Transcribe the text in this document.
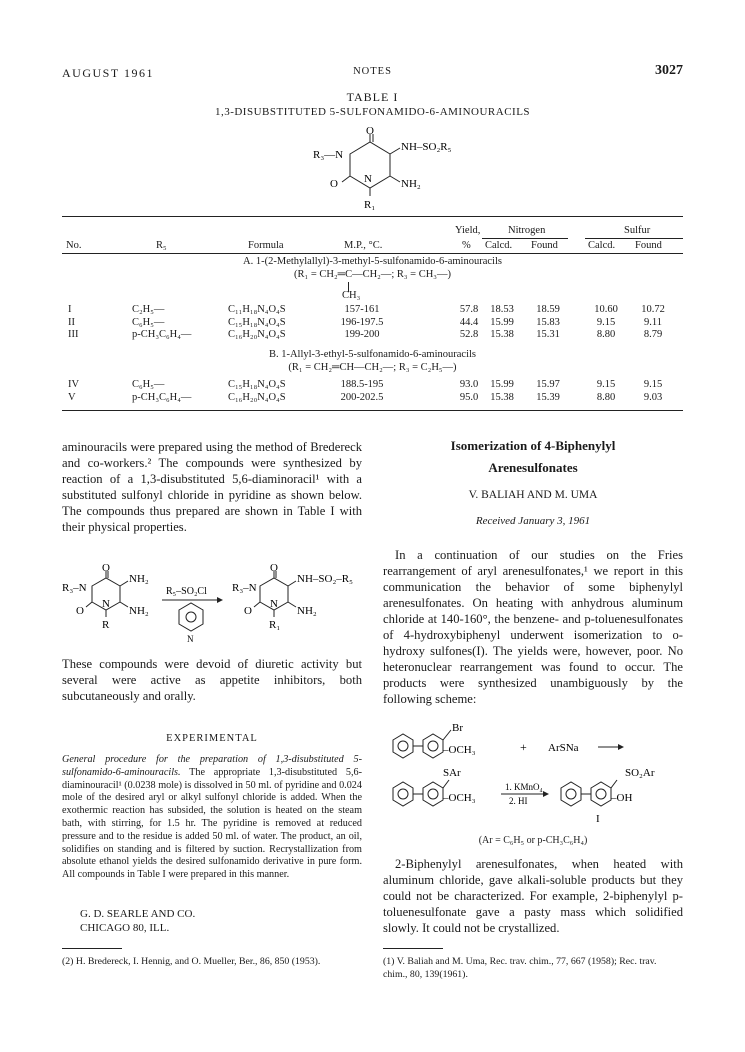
AUGUST 1961	NOTES	3027
TABLE I
1,3-DISUBSTITUTED 5-SULFONAMIDO-6-AMINOURACILS
O
R₃—N
NH–SO₂R₅
O N	NH₂
R₁
Yield,	Nitrogen	Sulfur
No.	R₅	Formula	M.P., °C.	% Calcd. Found	Calcd. Found
A. 1-(2-Methylallyl)-3-methyl-5-sulfonamido-6-aminouracils
(R₁ = CH₂═C—CH₂—; R₃ = CH₃—)
CH₃
I	C₂H₅—	C₁₁H₁₈N₄O₄S	157-161	57.8	18.53	18.59	10.60	10.72
II	C₆H₅—	C₁₅H₁₈N₄O₄S	196-197.5	44.4	15.99	15.83	9.15	9.11
III	p-CH₃C₆H₄—	C₁₆H₂₀N₄O₄S	199-200	52.8	15.38	15.31	8.80	8.79
B. 1-Allyl-3-ethyl-5-sulfonamido-6-aminouracils
(R₁ = CH₂═CH—CH₂—; R₃ = C₂H₅—)
IV	C₆H₅—	C₁₅H₁₈N₄O₄S	188.5-195	93.0	15.99	15.97	9.15	9.15
V	p-CH₃C₆H₄—	C₁₆H₂₀N₄O₄S	200-202.5	95.0	15.38	15.39	8.80	9.03
aminouracils were prepared using the method of Bredereck and co-workers.² The compounds were synthesized by reaction of a 1,3-disubstituted 5,6-diaminoracil¹ with a substituted sulfonyl chloride in pyridine as shown below. The compounds thus prepared are shown in Table I with their physical properties.
O
R₃–N
NH₂
O
N
NH₂
R
R₅–SO₂Cl
N
O
R₃–N
NH–SO₂–R₅
O
N
NH₂
R₁
These compounds were devoid of diuretic activity but several were active as appetite inhibitors, both subcutaneously and orally.
EXPERIMENTAL
General procedure for the preparation of 1,3-disubstituted 5-sulfonamido-6-aminouracils. The appropriate 1,3-disubstituted 5,6-diaminouracil¹ (0.0238 mole) is dissolved in 50 ml. of pyridine and 0.024 mole of the desired aryl or alkyl sulfonyl chloride is added. When the exothermic reaction has subsided, the solution is heated on the steam bath, with stirring, for 1.5 hr. The pyridine is removed at reduced pressure and to the residue is added 50 ml. of water. The product, an oil, solidifies on standing and is filtered by suction. Recrystallization from absolute ethanol yields the desired sulfonamido derivative in pure form. All compounds in Table I were prepared in this manner.
G. D. SEARLE AND CO.
CHICAGO 80, ILL.
(2) H. Bredereck, I. Hennig, and O. Mueller, Ber., 86, 850 (1953).
Isomerization of 4-Biphenylyl
Arenesulfonates
V. BALIAH AND M. UMA
Received January 3, 1961
In a continuation of our studies on the Fries rearrangement of aryl arenesulfonates,¹ we report in this communication the behavior of some biphenylyl arenesulfonates. On heating with anhydrous aluminum chloride at 140-160°, the benzene- and p-toluenesulfonates of 4-hydroxybiphenyl underwent isomerization to o-hydroxy sulfones(I). The yields were, however, poor. No heteronuclear rearrangement was found to occur. The products were synthesized unambiguously by the following scheme:
Br
–OCH₃	+ ArSNa
SAr
–OCH₃
1. KMnO₄
2. HI
SO₂Ar
–OH
I
(Ar = C₆H₅ or p-CH₃C₆H₄)
2-Biphenylyl arenesulfonates, when heated with aluminum chloride, gave alkali-soluble products but they could not be characterized. For example, 2-biphenylyl p-toluenesulfonate gave a pasty mass which solidified slowly. It could not be crystallized.
(1) V. Baliah and M. Uma, Rec. trav. chim., 77, 667 (1958); Rec. trav. chim., 80, 139(1961).
